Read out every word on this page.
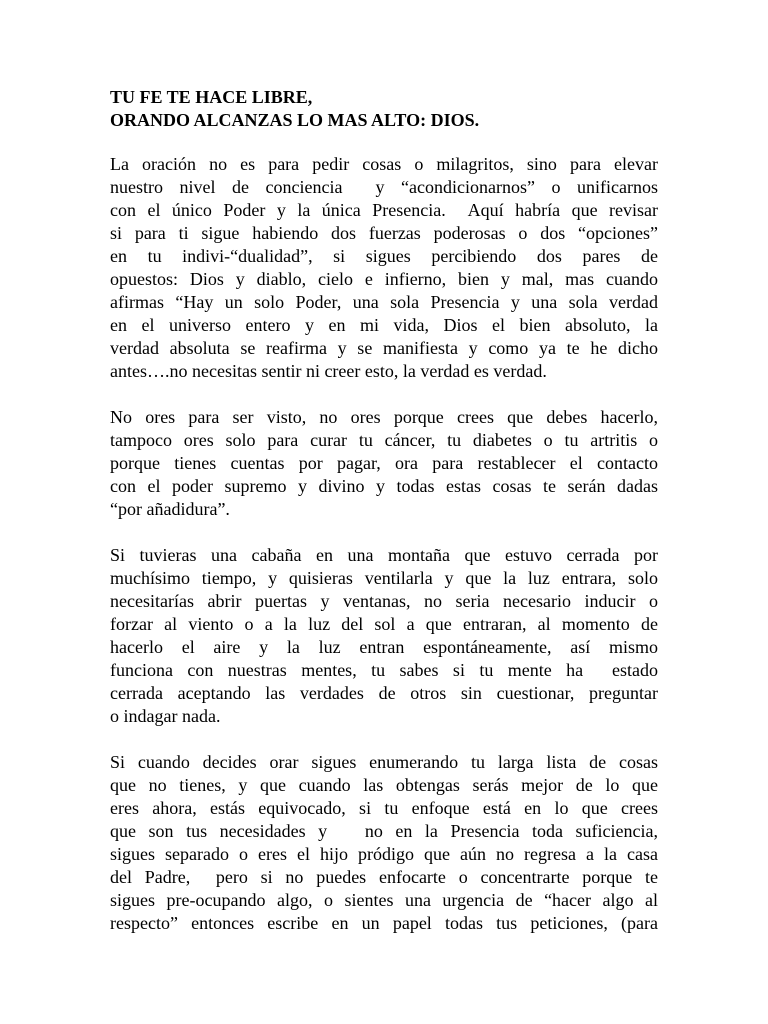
TU FE TE HACE LIBRE,
ORANDO ALCANZAS LO MAS ALTO: DIOS.
La oración no es para pedir cosas o milagritos, sino para elevar
nuestro nivel de conciencia  y “acondicionarnos” o unificarnos
con el único Poder y la única Presencia.  Aquí habría que revisar
si para ti sigue habiendo dos fuerzas poderosas o dos “opciones”
en tu indivi-“dualidad”, si sigues percibiendo dos pares de
opuestos: Dios y diablo, cielo e infierno, bien y mal, mas cuando
afirmas “Hay un solo Poder, una sola Presencia y una sola verdad
en el universo entero y en mi vida, Dios el bien absoluto, la
verdad absoluta se reafirma y se manifiesta y como ya te he dicho
antes….no necesitas sentir ni creer esto, la verdad es verdad.
No ores para ser visto, no ores porque crees que debes hacerlo,
tampoco ores solo para curar tu cáncer, tu diabetes o tu artritis o
porque tienes cuentas por pagar, ora para restablecer el contacto
con el poder supremo y divino y todas estas cosas te serán dadas
“por añadidura”.
Si tuvieras una cabaña en una montaña que estuvo cerrada por
muchísimo tiempo, y quisieras ventilarla y que la luz entrara, solo
necesitarías abrir puertas y ventanas, no seria necesario inducir o
forzar al viento o a la luz del sol a que entraran, al momento de
hacerlo el aire y la luz entran espontáneamente, así mismo
funciona con nuestras mentes, tu sabes si tu mente ha  estado
cerrada aceptando las verdades de otros sin cuestionar, preguntar
o indagar nada.
Si cuando decides orar sigues enumerando tu larga lista de cosas
que no tienes, y que cuando las obtengas serás mejor de lo que
eres ahora, estás equivocado, si tu enfoque está en lo que crees
que son tus necesidades y   no en la Presencia toda suficiencia,
sigues separado o eres el hijo pródigo que aún no regresa a la casa
del Padre,  pero si no puedes enfocarte o concentrarte porque te
sigues pre-ocupando algo, o sientes una urgencia de “hacer algo al
respecto” entonces escribe en un papel todas tus peticiones, (para
